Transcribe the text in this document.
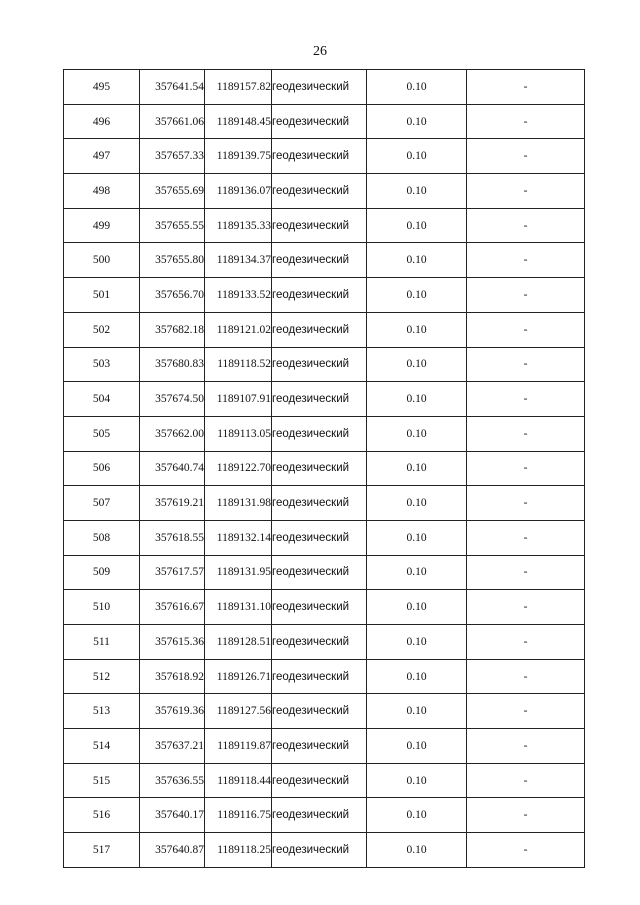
26
495	357641.54	1189157.82	геодезический	0.10	-
496	357661.06	1189148.45	геодезический	0.10	-
497	357657.33	1189139.75	геодезический	0.10	-
498	357655.69	1189136.07	геодезический	0.10	-
499	357655.55	1189135.33	геодезический	0.10	-
500	357655.80	1189134.37	геодезический	0.10	-
501	357656.70	1189133.52	геодезический	0.10	-
502	357682.18	1189121.02	геодезический	0.10	-
503	357680.83	1189118.52	геодезический	0.10	-
504	357674.50	1189107.91	геодезический	0.10	-
505	357662.00	1189113.05	геодезический	0.10	-
506	357640.74	1189122.70	геодезический	0.10	-
507	357619.21	1189131.98	геодезический	0.10	-
508	357618.55	1189132.14	геодезический	0.10	-
509	357617.57	1189131.95	геодезический	0.10	-
510	357616.67	1189131.10	геодезический	0.10	-
511	357615.36	1189128.51	геодезический	0.10	-
512	357618.92	1189126.71	геодезический	0.10	-
513	357619.36	1189127.56	геодезический	0.10	-
514	357637.21	1189119.87	геодезический	0.10	-
515	357636.55	1189118.44	геодезический	0.10	-
516	357640.17	1189116.75	геодезический	0.10	-
517	357640.87	1189118.25	геодезический	0.10	-
